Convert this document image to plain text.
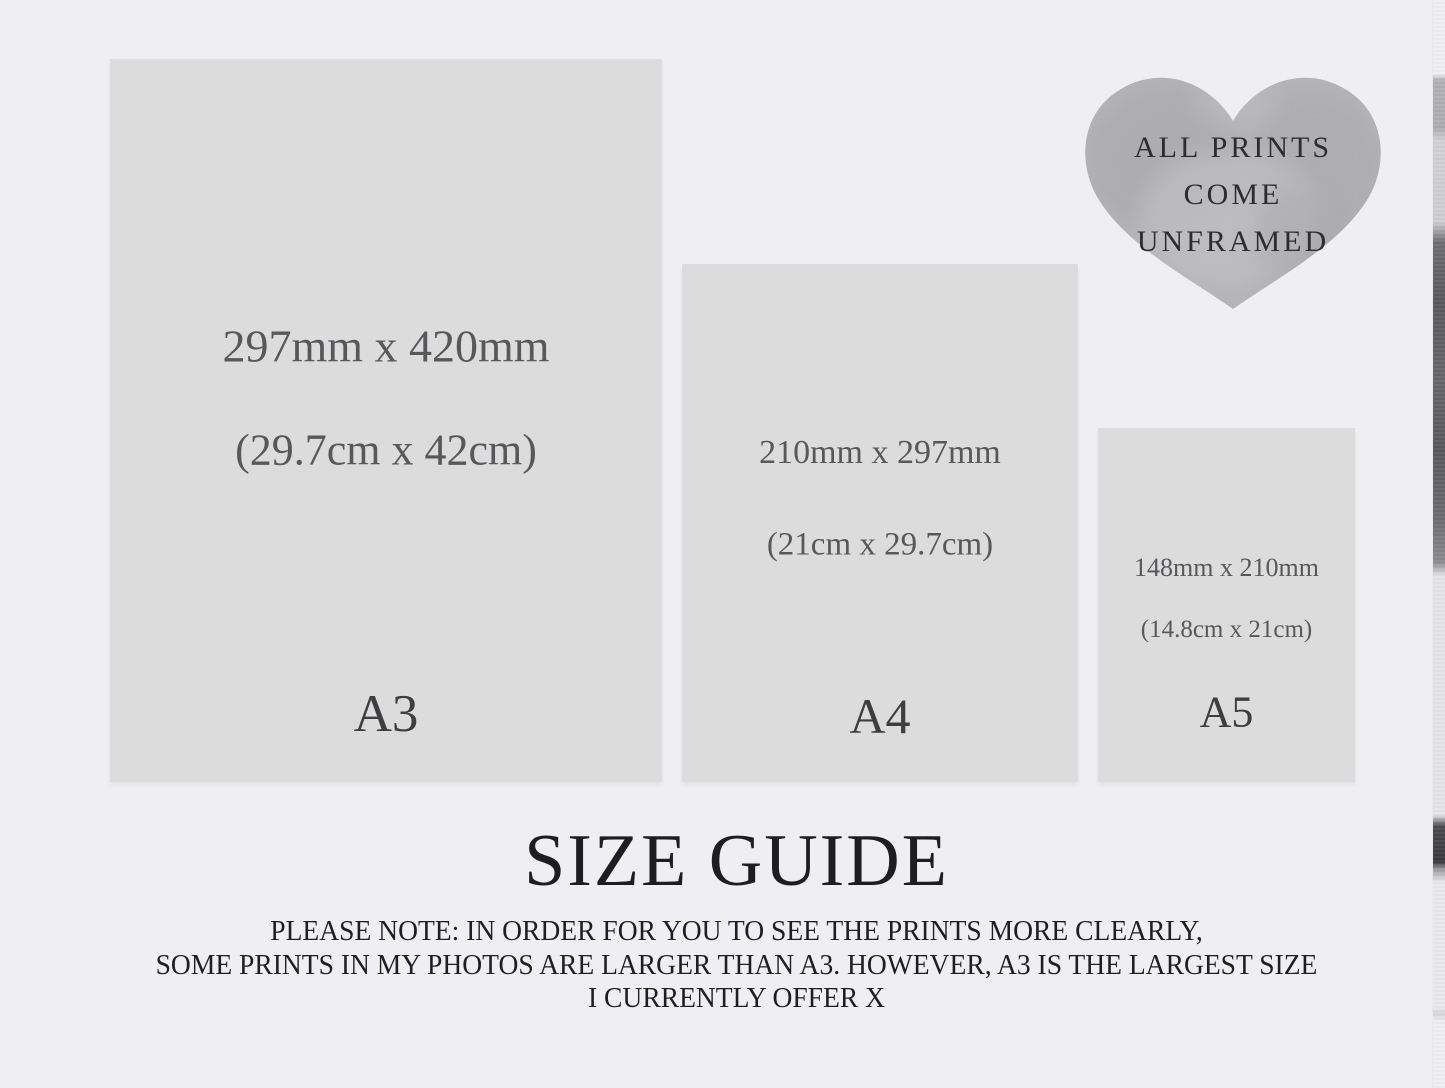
297mm x 420mm
(29.7cm x 42cm)
A3
210mm x 297mm
(21cm x 29.7cm)
A4
148mm x 210mm
(14.8cm x 21cm)
A5
ALL PRINTS
COME
UNFRAMED
SIZE GUIDE
PLEASE NOTE: IN ORDER FOR YOU TO SEE THE PRINTS MORE CLEARLY,
SOME PRINTS IN MY PHOTOS ARE LARGER THAN A3. HOWEVER, A3 IS THE LARGEST SIZE
I CURRENTLY OFFER X
